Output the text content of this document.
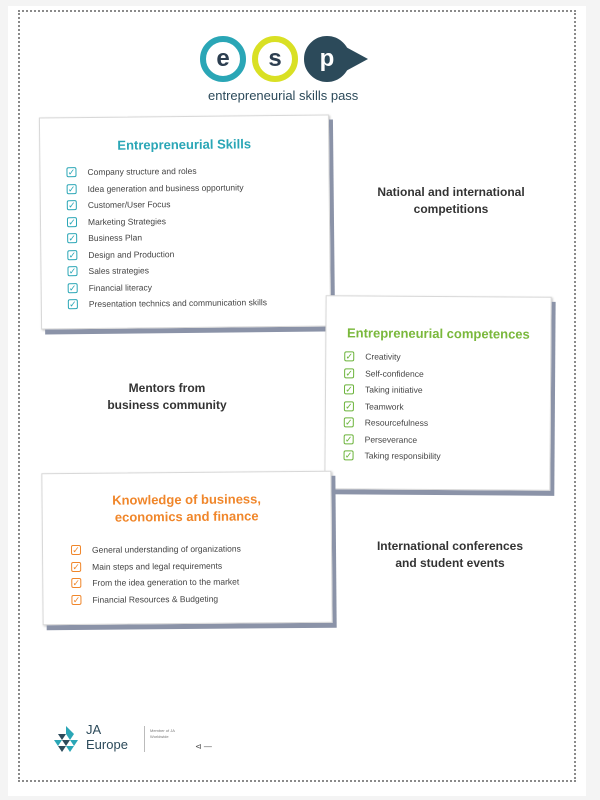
e	s	p
entrepreneurial skills pass
Entrepreneurial Skills
✓ Company structure and roles
✓ Idea generation and business opportunity
✓ Customer/User Focus
✓ Marketing Strategies
✓ Business Plan
✓ Design and Production
✓ Sales strategies
✓ Financial literacy
✓ Presentation technics and communication skills
National and international
competitions
Entrepreneurial competences
✓ Creativity
✓ Self-confidence
✓ Taking initiative
✓ Teamwork
✓ Resourcefulness
✓ Perseverance
✓ Taking responsibility
Mentors from
business community
Knowledge of business,
economics and finance
✓ General understanding of organizations
✓ Main steps and legal requirements
✓ From the idea generation to the market
✓ Financial Resources & Budgeting
International conferences
and student events
JA
Europe
Member of JA Worldwide
⊲ —
